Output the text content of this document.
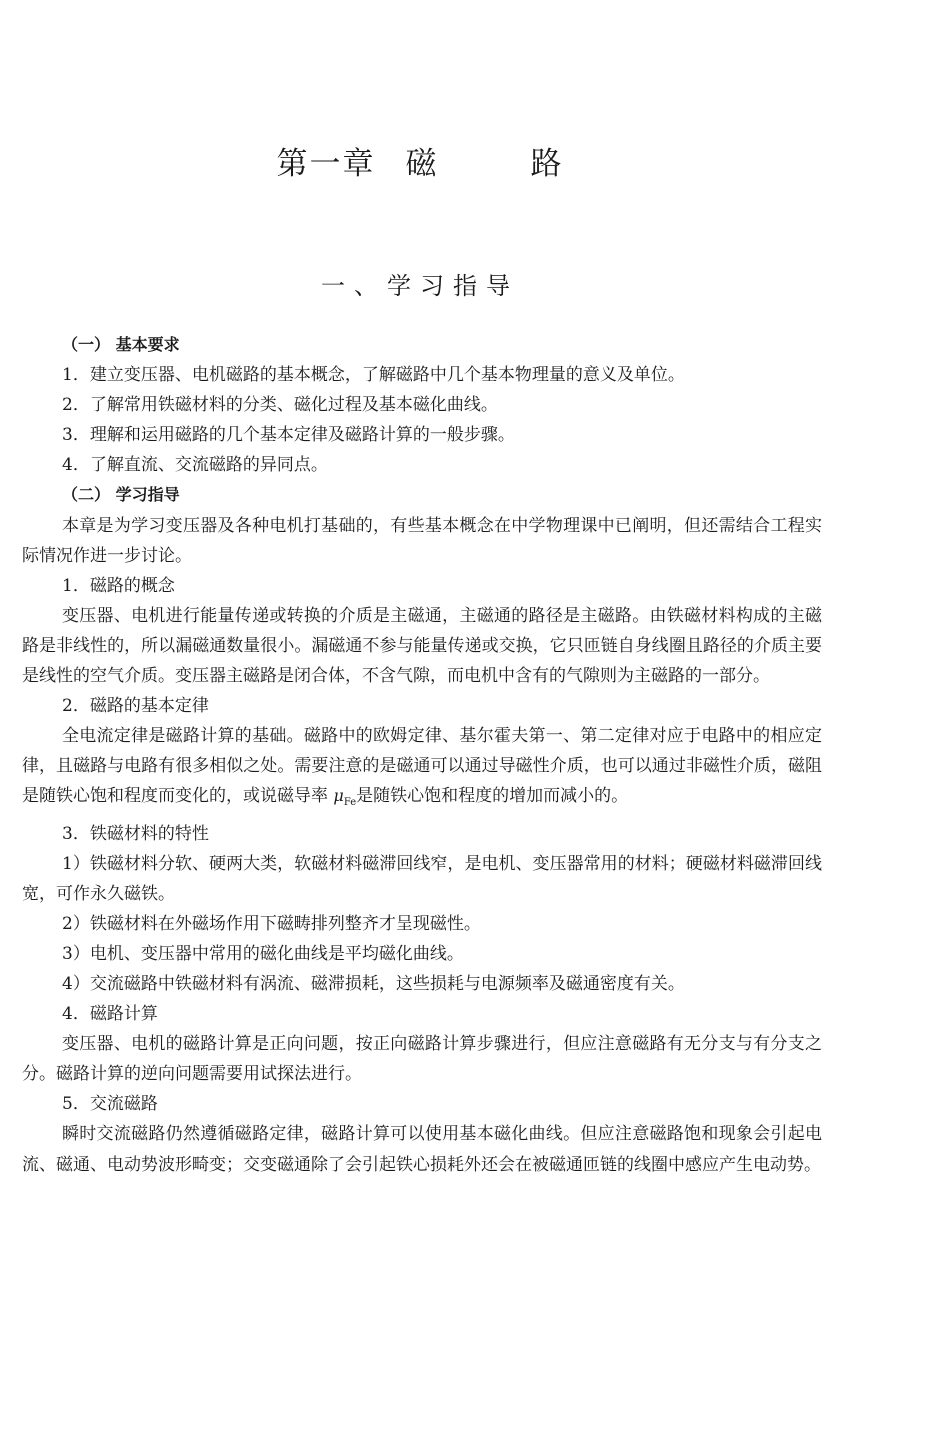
第一章 磁	路
一、学习指导

（一） 基本要求

1．建立变压器、电机磁路的基本概念，了解磁路中几个基本物理量的意义及单位。

2．了解常用铁磁材料的分类、磁化过程及基本磁化曲线。

3．理解和运用磁路的几个基本定律及磁路计算的一般步骤。

4．了解直流、交流磁路的异同点。

（二） 学习指导

本章是为学习变压器及各种电机打基础的，有些基本概念在中学物理课中已阐明，但还需结合工程实际情况作进一步讨论。

1．磁路的概念

变压器、电机进行能量传递或转换的介质是主磁通，主磁通的路径是主磁路。由铁磁材料构成的主磁路是非线性的，所以漏磁通数量很小。漏磁通不参与能量传递或交换，它只匝链自身线圈且路径的介质主要是线性的空气介质。变压器主磁路是闭合体，不含气隙，而电机中含有的气隙则为主磁路的一部分。

2．磁路的基本定律

全电流定律是磁路计算的基础。磁路中的欧姆定律、基尔霍夫第一、第二定律对应于电路中的相应定律，且磁路与电路有很多相似之处。需要注意的是磁通可以通过导磁性介质，也可以通过非磁性介质，磁阻是随铁心饱和程度而变化的，或说磁导率 $\mu_{Fe}$是随铁心饱和程度的增加而减小的。

3．铁磁材料的特性

1）铁磁材料分软、硬两大类，软磁材料磁滞回线窄，是电机、变压器常用的材料；硬磁材料磁滞回线宽，可作永久磁铁。

2）铁磁材料在外磁场作用下磁畴排列整齐才呈现磁性。

3）电机、变压器中常用的磁化曲线是平均磁化曲线。

4）交流磁路中铁磁材料有涡流、磁滞损耗，这些损耗与电源频率及磁通密度有关。

4．磁路计算

变压器、电机的磁路计算是正向问题，按正向磁路计算步骤进行，但应注意磁路有无分支与有分支之分。磁路计算的逆向问题需要用试探法进行。

5．交流磁路

瞬时交流磁路仍然遵循磁路定律，磁路计算可以使用基本磁化曲线。但应注意磁路饱和现象会引起电流、磁通、电动势波形畸变；交变磁通除了会引起铁心损耗外还会在被磁通匝链的线圈中感应产生电动势。
